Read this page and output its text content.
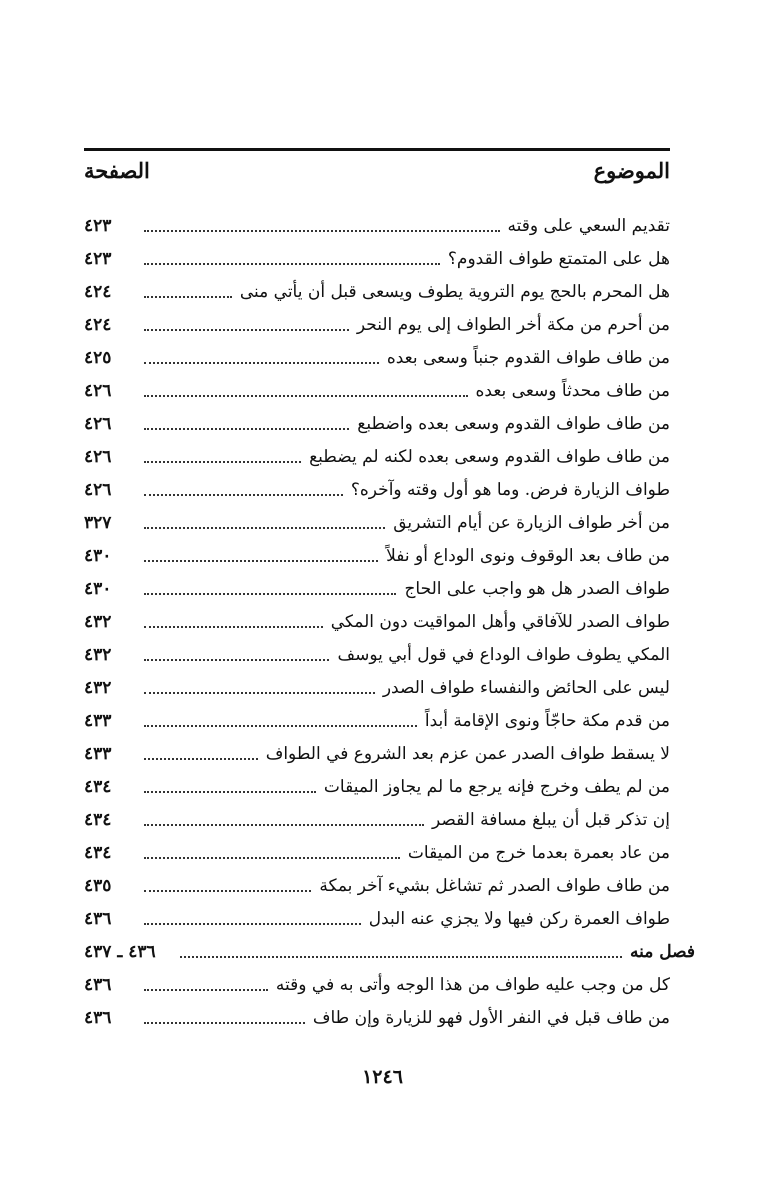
الموضوع
الصفحة
٤٢٣	تقديم السعي على وقته
٤٢٣	هل على المتمتع طواف القدوم؟
٤٢٤	هل المحرم بالحج يوم التروية يطوف ويسعى قبل أن يأتي منى
٤٢٤	من أحرم من مكة أخر الطواف إلى يوم النحر
٤٢٥	من طاف طواف القدوم جنباً وسعى بعده
٤٢٦	من طاف محدثاً وسعى بعده
٤٢٦	من طاف طواف القدوم وسعى بعده واضطبع
٤٢٦	من طاف طواف القدوم وسعى بعده لكنه لم يضطبع
٤٢٦	طواف الزيارة فرض. وما هو أول وقته وآخره؟
٣٢٧	من أخر طواف الزيارة عن أيام التشريق
٤٣٠	من طاف بعد الوقوف ونوى الوداع أو نفلاً
٤٣٠	طواف الصدر هل هو واجب على الحاج
٤٣٢	طواف الصدر للآفاقي وأهل المواقيت دون المكي
٤٣٢	المكي يطوف طواف الوداع في قول أبي يوسف
٤٣٢	ليس على الحائض والنفساء طواف الصدر
٤٣٣	من قدم مكة حاجّاً ونوى الإقامة أبداً
٤٣٣	لا يسقط طواف الصدر عمن عزم بعد الشروع في الطواف
٤٣٤	من لم يطف وخرج فإنه يرجع ما لم يجاوز الميقات
٤٣٤	إن تذكر قبل أن يبلغ مسافة القصر
٤٣٤	من عاد بعمرة بعدما خرج من الميقات
٤٣٥	من طاف طواف الصدر ثم تشاغل بشيء آخر بمكة
٤٣٦	طواف العمرة ركن فيها ولا يجزي عنه البدل
٤٣٦ ـ ٤٣٧	فصل منه
٤٣٦	كل من وجب عليه طواف من هذا الوجه وأتى به في وقته
٤٣٦	من طاف قبل في النفر الأول فهو للزيارة وإن طاف
١٢٤٦
